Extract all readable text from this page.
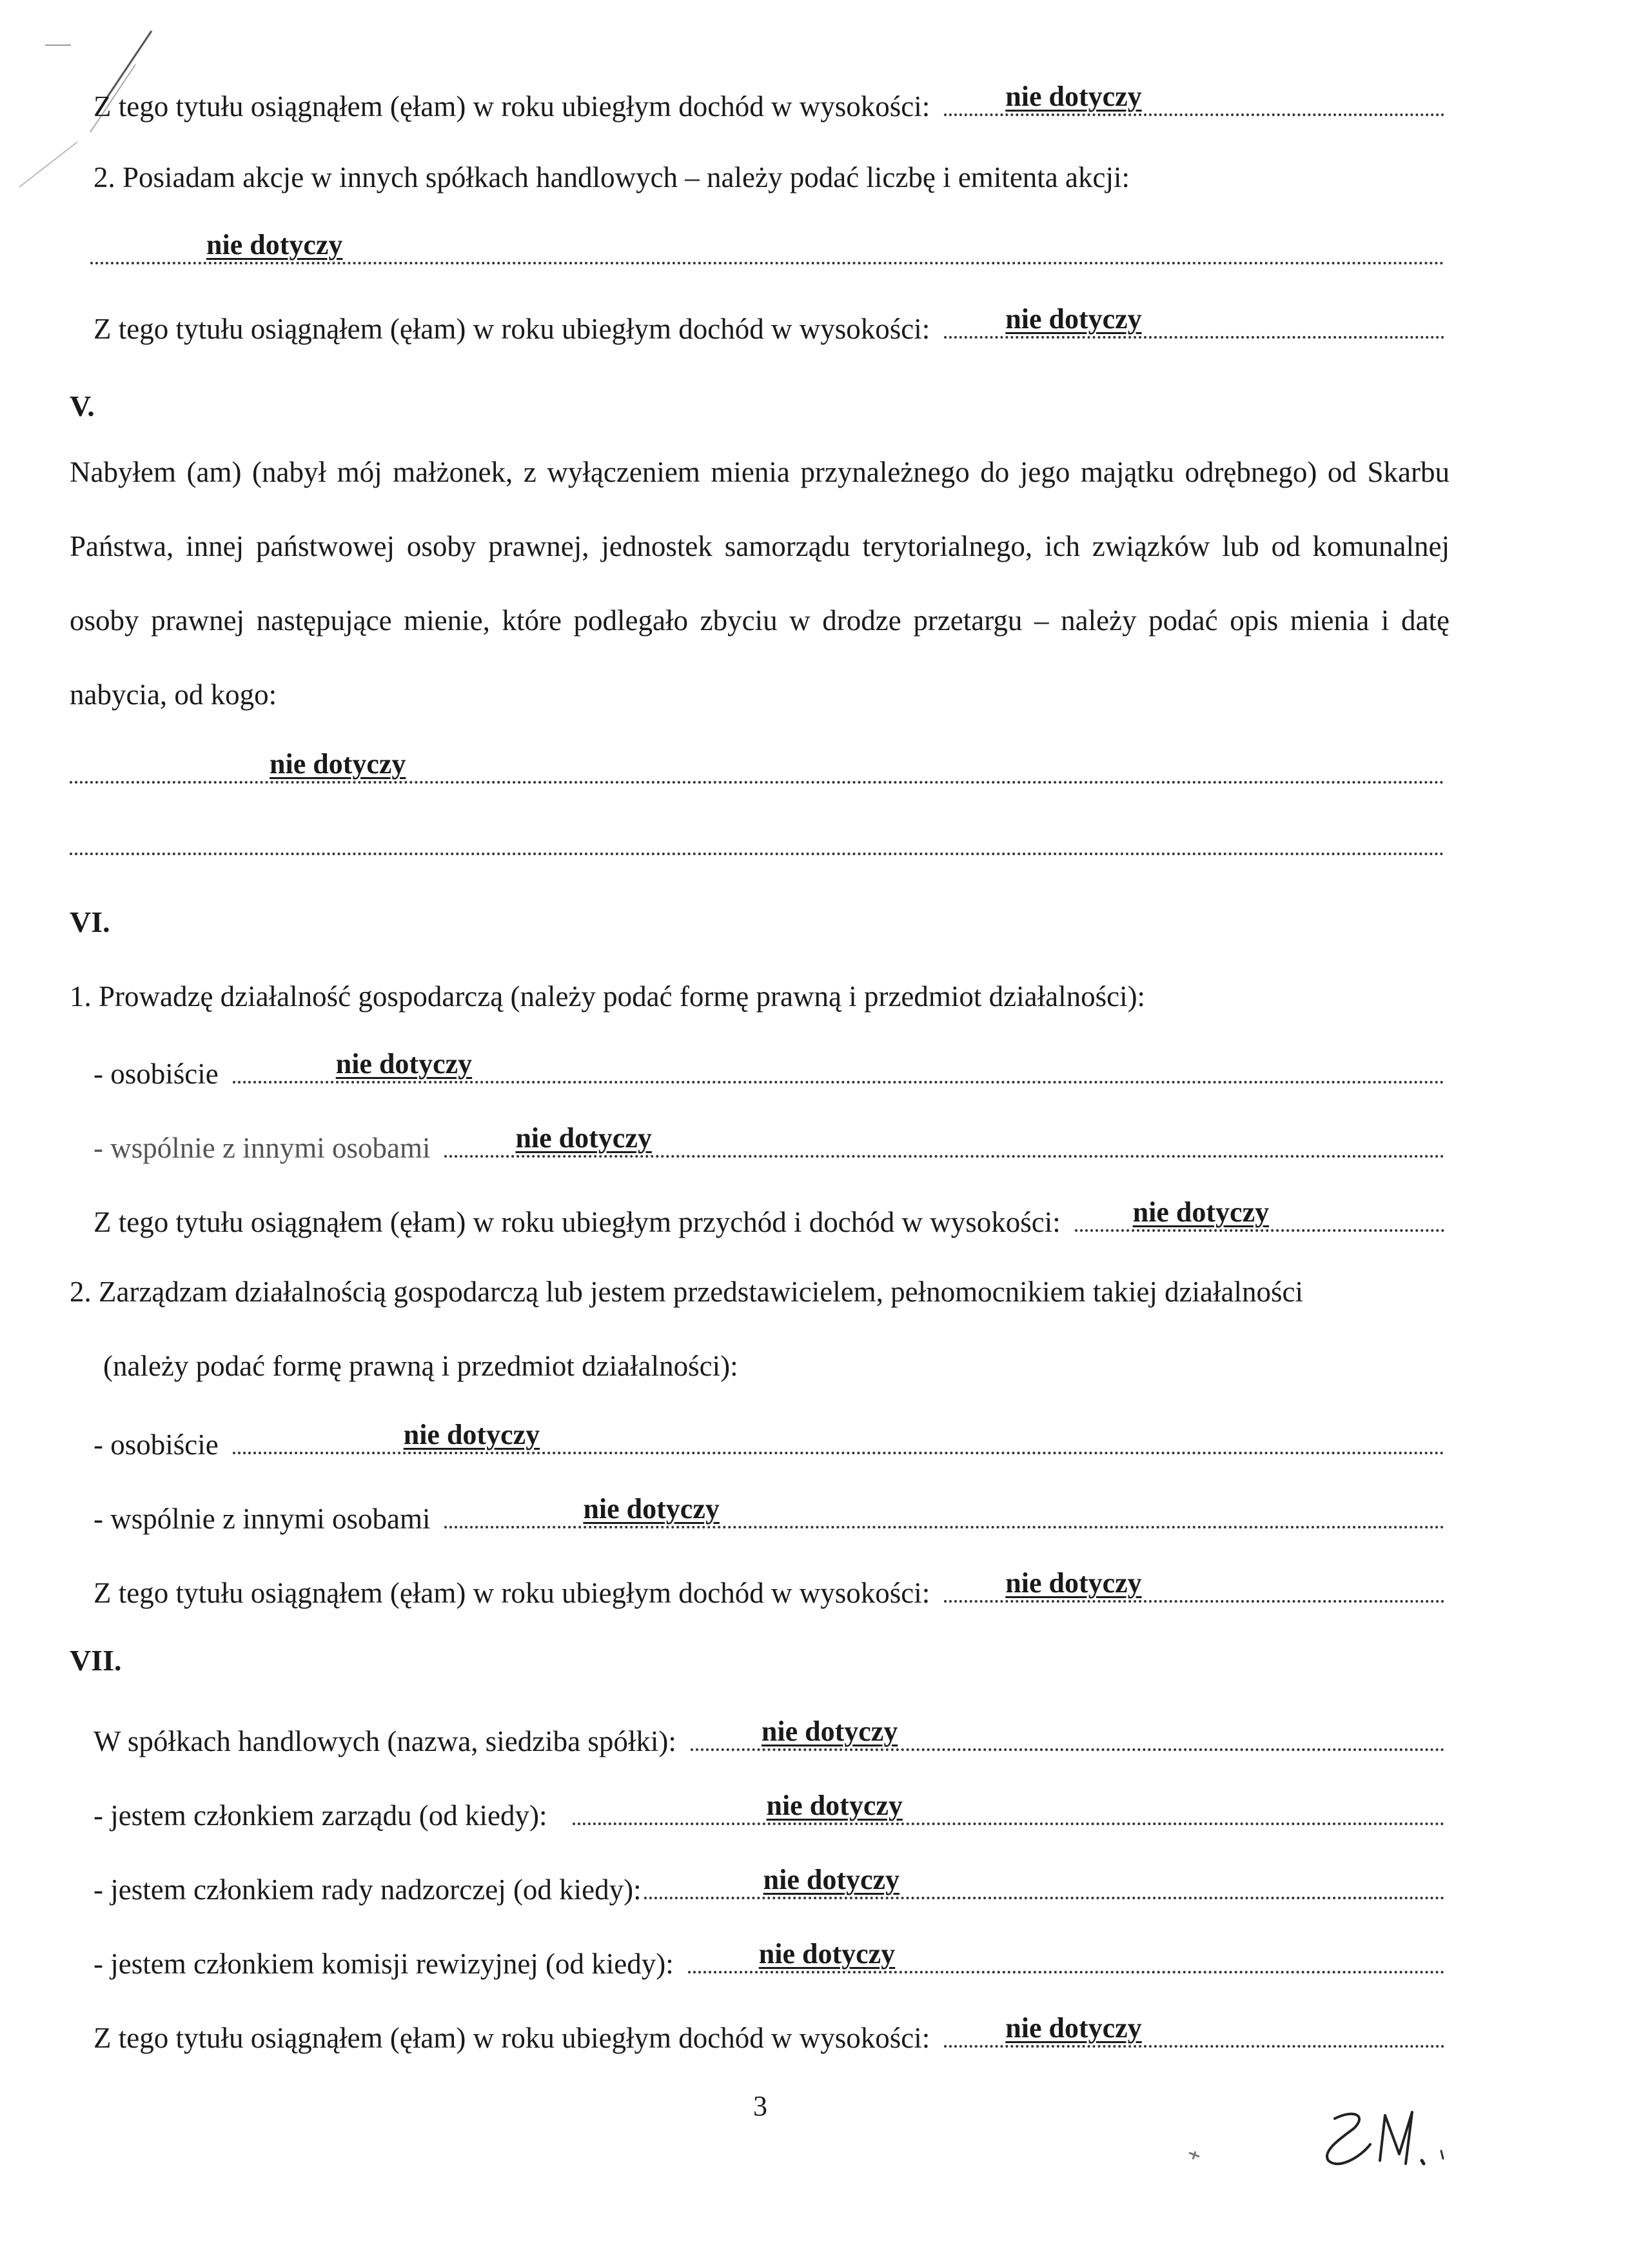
Z tego tytułu osiągnąłem (ęłam) w roku ubiegłym dochód w wysokości:	nie dotyczy
2. Posiadam akcje w innych spółkach handlowych – należy podać liczbę i emitenta akcji:
nie dotyczy
Z tego tytułu osiągnąłem (ęłam) w roku ubiegłym dochód w wysokości:	nie dotyczy
V.
Nabyłem (am) (nabył mój małżonek, z wyłączeniem mienia przynależnego do jego majątku odrębnego) od Skarbu Państwa, innej państwowej osoby prawnej, jednostek samorządu terytorialnego, ich związków lub od komunalnej osoby prawnej następujące mienie, które podlegało zbyciu w drodze przetargu – należy podać opis mienia i datę nabycia, od kogo:
nie dotyczy
VI.
1. Prowadzę działalność gospodarczą (należy podać formę prawną i przedmiot działalności):
- osobiście	nie dotyczy
- wspólnie z innymi osobami	nie dotyczy
Z tego tytułu osiągnąłem (ęłam) w roku ubiegłym przychód i dochód w wysokości:	nie dotyczy
2. Zarządzam działalnością gospodarczą lub jestem przedstawicielem, pełnomocnikiem takiej działalności
(należy podać formę prawną i przedmiot działalności):
- osobiście	nie dotyczy
- wspólnie z innymi osobami	nie dotyczy
Z tego tytułu osiągnąłem (ęłam) w roku ubiegłym dochód w wysokości:	nie dotyczy
VII.
W spółkach handlowych (nazwa, siedziba spółki):	nie dotyczy
- jestem członkiem zarządu (od kiedy):	nie dotyczy
- jestem członkiem rady nadzorczej (od kiedy):	nie dotyczy
- jestem członkiem komisji rewizyjnej (od kiedy):	nie dotyczy
Z tego tytułu osiągnąłem (ęłam) w roku ubiegłym dochód w wysokości:	nie dotyczy
3
